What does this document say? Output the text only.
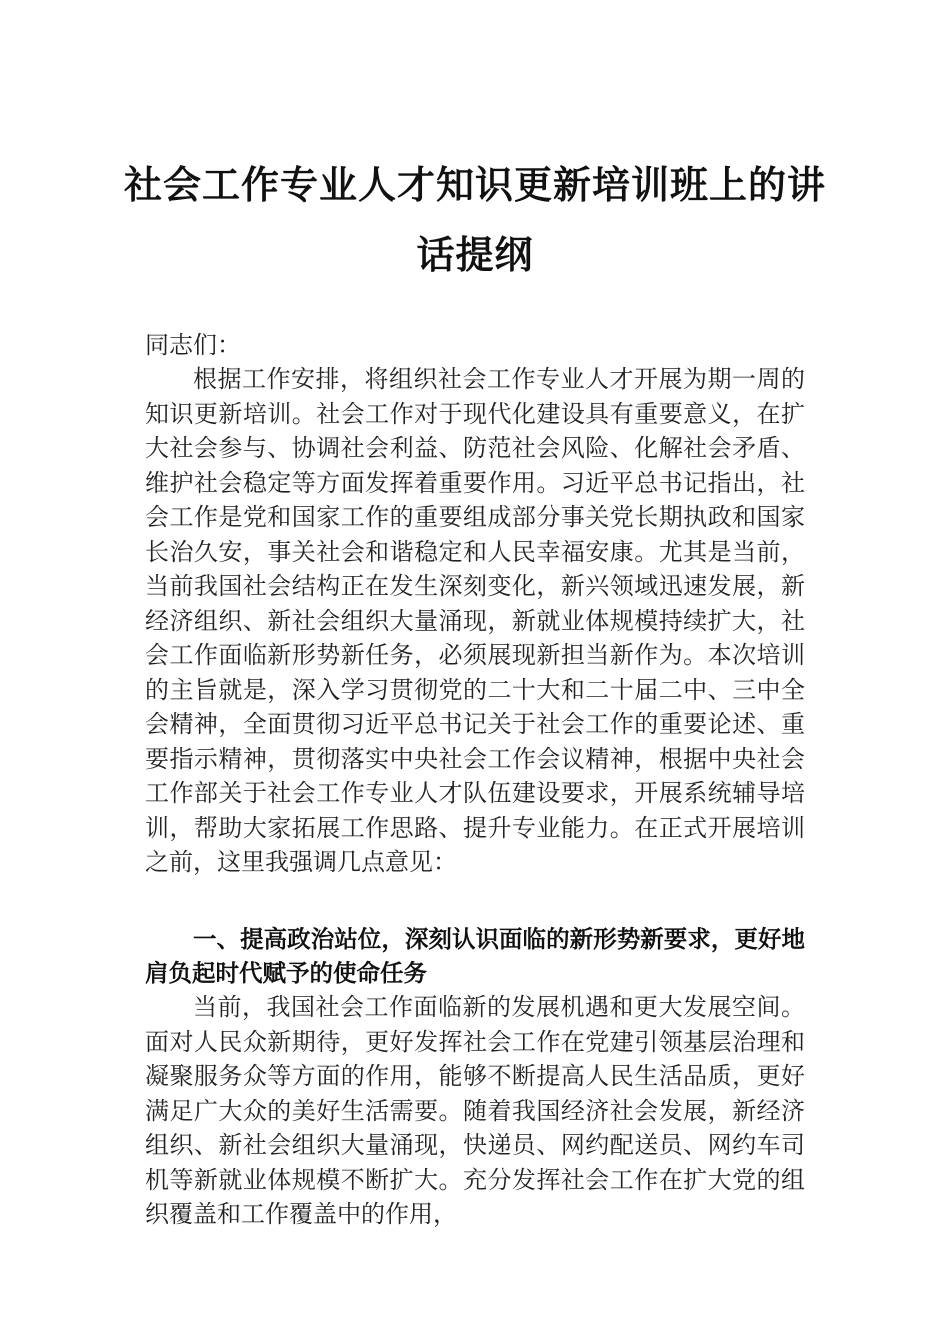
社会工作专业人才知识更新培训班上的讲
话提纲

同志们：

根据工作安排，将组织社会工作专业人才开展为期一周的知识更新培训。社会工作对于现代化建设具有重要意义，在扩大社会参与、协调社会利益、防范社会风险、化解社会矛盾、维护社会稳定等方面发挥着重要作用。习近平总书记指出，社会工作是党和国家工作的重要组成部分事关党长期执政和国家长治久安，事关社会和谐稳定和人民幸福安康。尤其是当前，当前我国社会结构正在发生深刻变化，新兴领域迅速发展，新经济组织、新社会组织大量涌现，新就业体规模持续扩大，社会工作面临新形势新任务，必须展现新担当新作为。本次培训的主旨就是，深入学习贯彻党的二十大和二十届二中、三中全会精神，全面贯彻习近平总书记关于社会工作的重要论述、重要指示精神，贯彻落实中央社会工作会议精神，根据中央社会工作部关于社会工作专业人才队伍建设要求，开展系统辅导培训，帮助大家拓展工作思路、提升专业能力。在正式开展培训之前，这里我强调几点意见：

一、提高政治站位，深刻认识面临的新形势新要求，更好地肩负起时代赋予的使命任务

当前，我国社会工作面临新的发展机遇和更大发展空间。面对人民众新期待，更好发挥社会工作在党建引领基层治理和凝聚服务众等方面的作用，能够不断提高人民生活品质，更好满足广大众的美好生活需要。随着我国经济社会发展，新经济组织、新社会组织大量涌现，快递员、网约配送员、网约车司机等新就业体规模不断扩大。充分发挥社会工作在扩大党的组织覆盖和工作覆盖中的作用，
